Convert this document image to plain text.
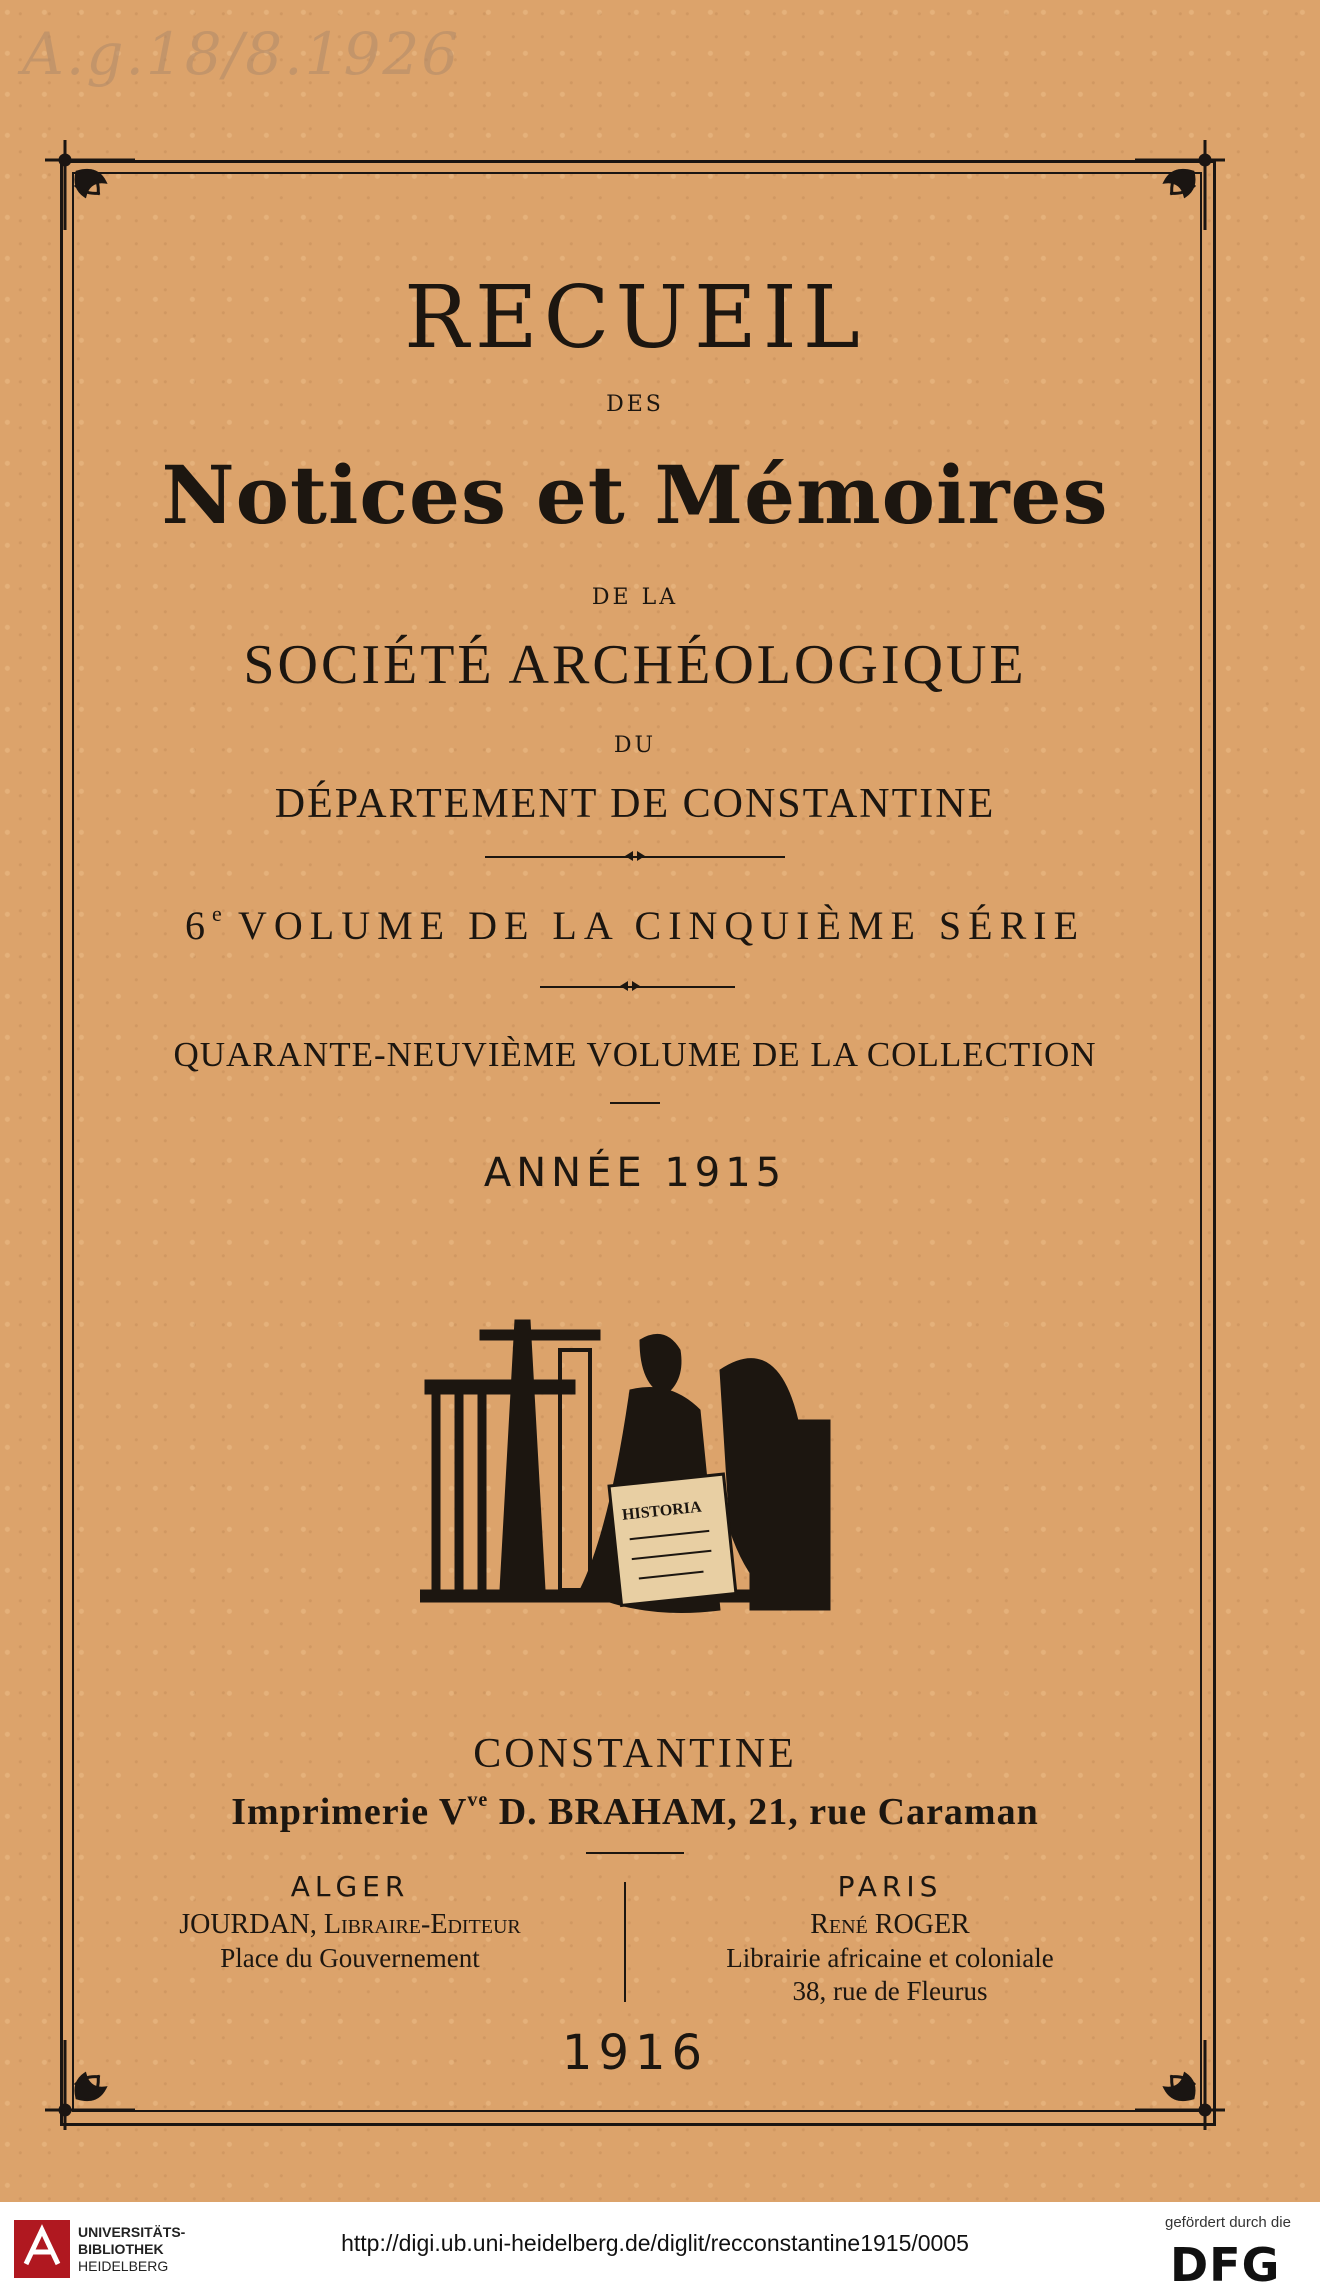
A.g.18/8.1926
RECUEIL
DES
Notices et Mémoires
DE LA
SOCIÉTÉ ARCHÉOLOGIQUE
DU
DÉPARTEMENT DE CONSTANTINE
6e VOLUME DE LA CINQUIÈME SÉRIE
QUARANTE-NEUVIÈME VOLUME DE LA COLLECTION
ANNÉE 1915
HISTORIA
CONSTANTINE
Imprimerie $V^{ve}$ D. BRAHAM, 21, rue Caraman
ALGER
JOURDAN, Libraire-Editeur
Place du Gouvernement
PARIS
René ROGER
Librairie africaine et coloniale
38, rue de Fleurus
1916
UNIVERSITÄTS-
BIBLIOTHEK
HEIDELBERG
http://digi.ub.uni-heidelberg.de/diglit/recconstantine1915/0005
gefördert durch die
DFG
